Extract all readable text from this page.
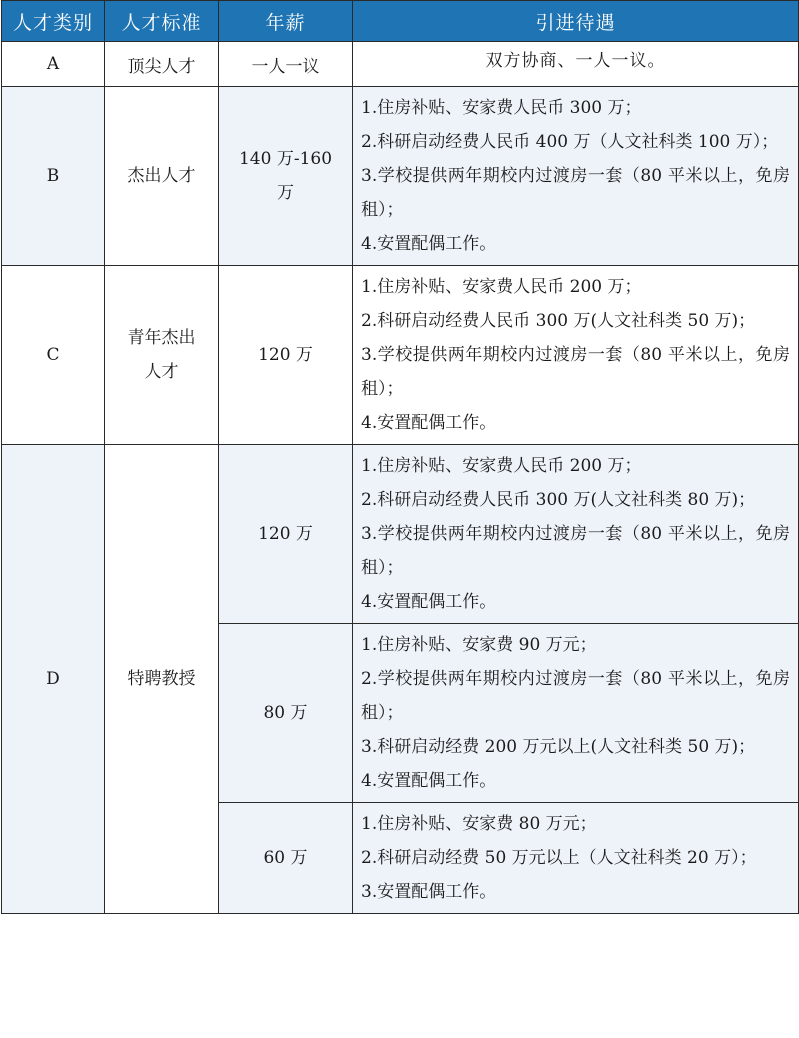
人才类别	人才标准	年薪	引进待遇
A	顶尖人才	一人一议	双方协商、一人一议。
B	杰出人才	140 万-160 万	1.住房补贴、安家费人民币 300 万；
2.科研启动经费人民币 400 万（人文社科类 100 万）；
3.学校提供两年期校内过渡房一套（80 平米以上，免房租）；
4.安置配偶工作。

C	青年杰出人才	120 万	1.住房补贴、安家费人民币 200 万；
2.科研启动经费人民币 300 万(人文社科类 50 万)；
3.学校提供两年期校内过渡房一套（80 平米以上，免房租）；
4.安置配偶工作。

D	特聘教授	120 万	1.住房补贴、安家费人民币 200 万；
2.科研启动经费人民币 300 万(人文社科类 80 万)；
3.学校提供两年期校内过渡房一套（80 平米以上，免房租）；
4.安置配偶工作。

		80 万	1.住房补贴、安家费 90 万元；
2.学校提供两年期校内过渡房一套（80 平米以上，免房租）；
3.科研启动经费 200 万元以上(人文社科类 50 万)；
4.安置配偶工作。

		60 万	1.住房补贴、安家费 80 万元；
2.科研启动经费 50 万元以上（人文社科类 20 万）；
3.安置配偶工作。
